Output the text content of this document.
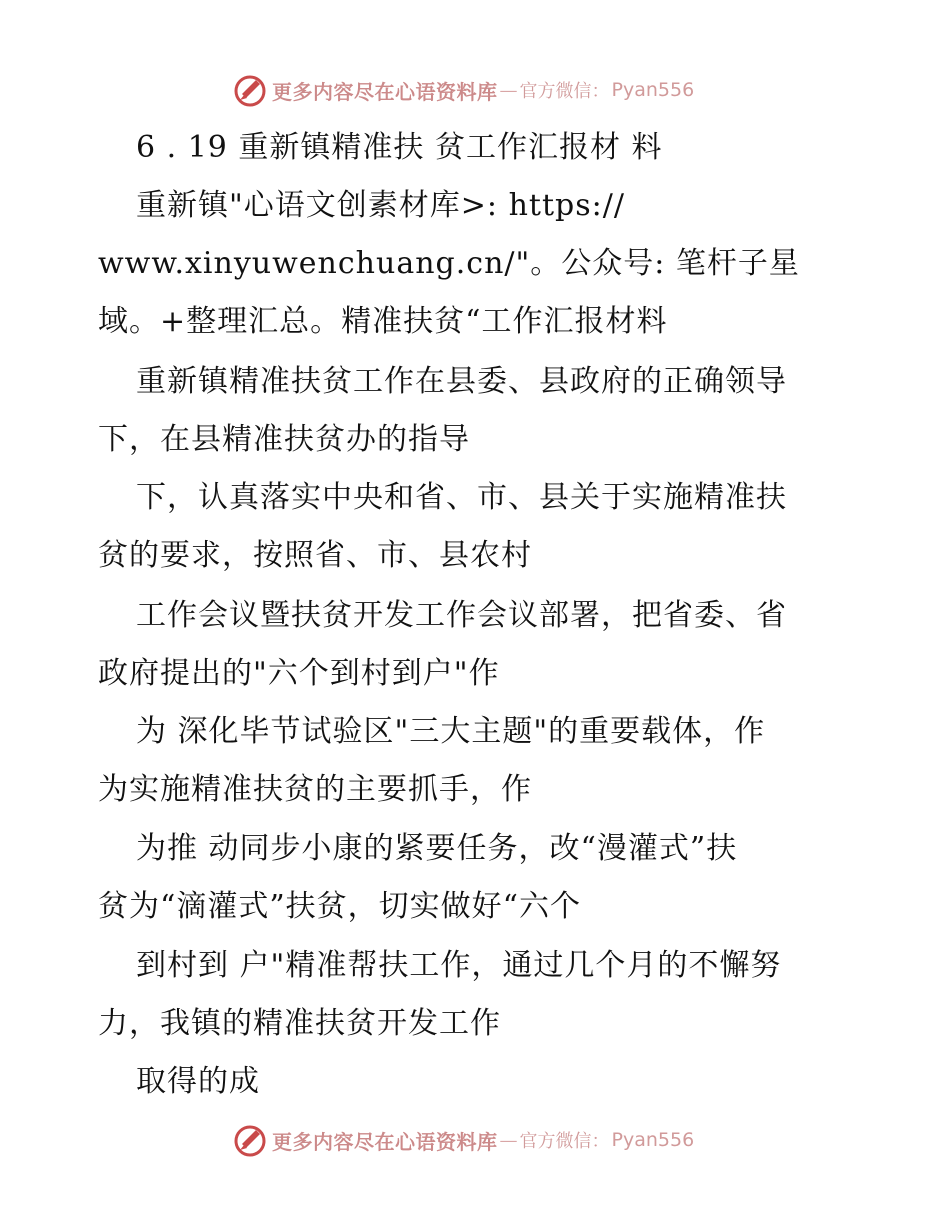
更多内容尽在心语资料库 — 官方微信： Pyan556
6 . 19 重新镇精准扶 贫工作汇报材 料
重新镇"心语文创素材库>: https://
www.xinyuwenchuang.cn/"。公众号: 笔杆子星
域。+整理汇总。精准扶贫“工作汇报材料
重新镇精准扶贫工作在县委、县政府的正确领导
下，在县精准扶贫办的指导
下，认真落实中央和省、市、县关于实施精准扶
贫的要求，按照省、市、县农村
工作会议暨扶贫开发工作会议部署，把省委、省
政府提出的"六个到村到户"作
为 深化毕节试验区"三大主题"的重要载体，作
为实施精准扶贫的主要抓手，作
为推 动同步小康的紧要任务，改“漫灌式”扶
贫为“滴灌式”扶贫，切实做好“六个
到村到 户"精准帮扶工作，通过几个月的不懈努
力，我镇的精准扶贫开发工作
取得的成
更多内容尽在心语资料库 — 官方微信： Pyan556
